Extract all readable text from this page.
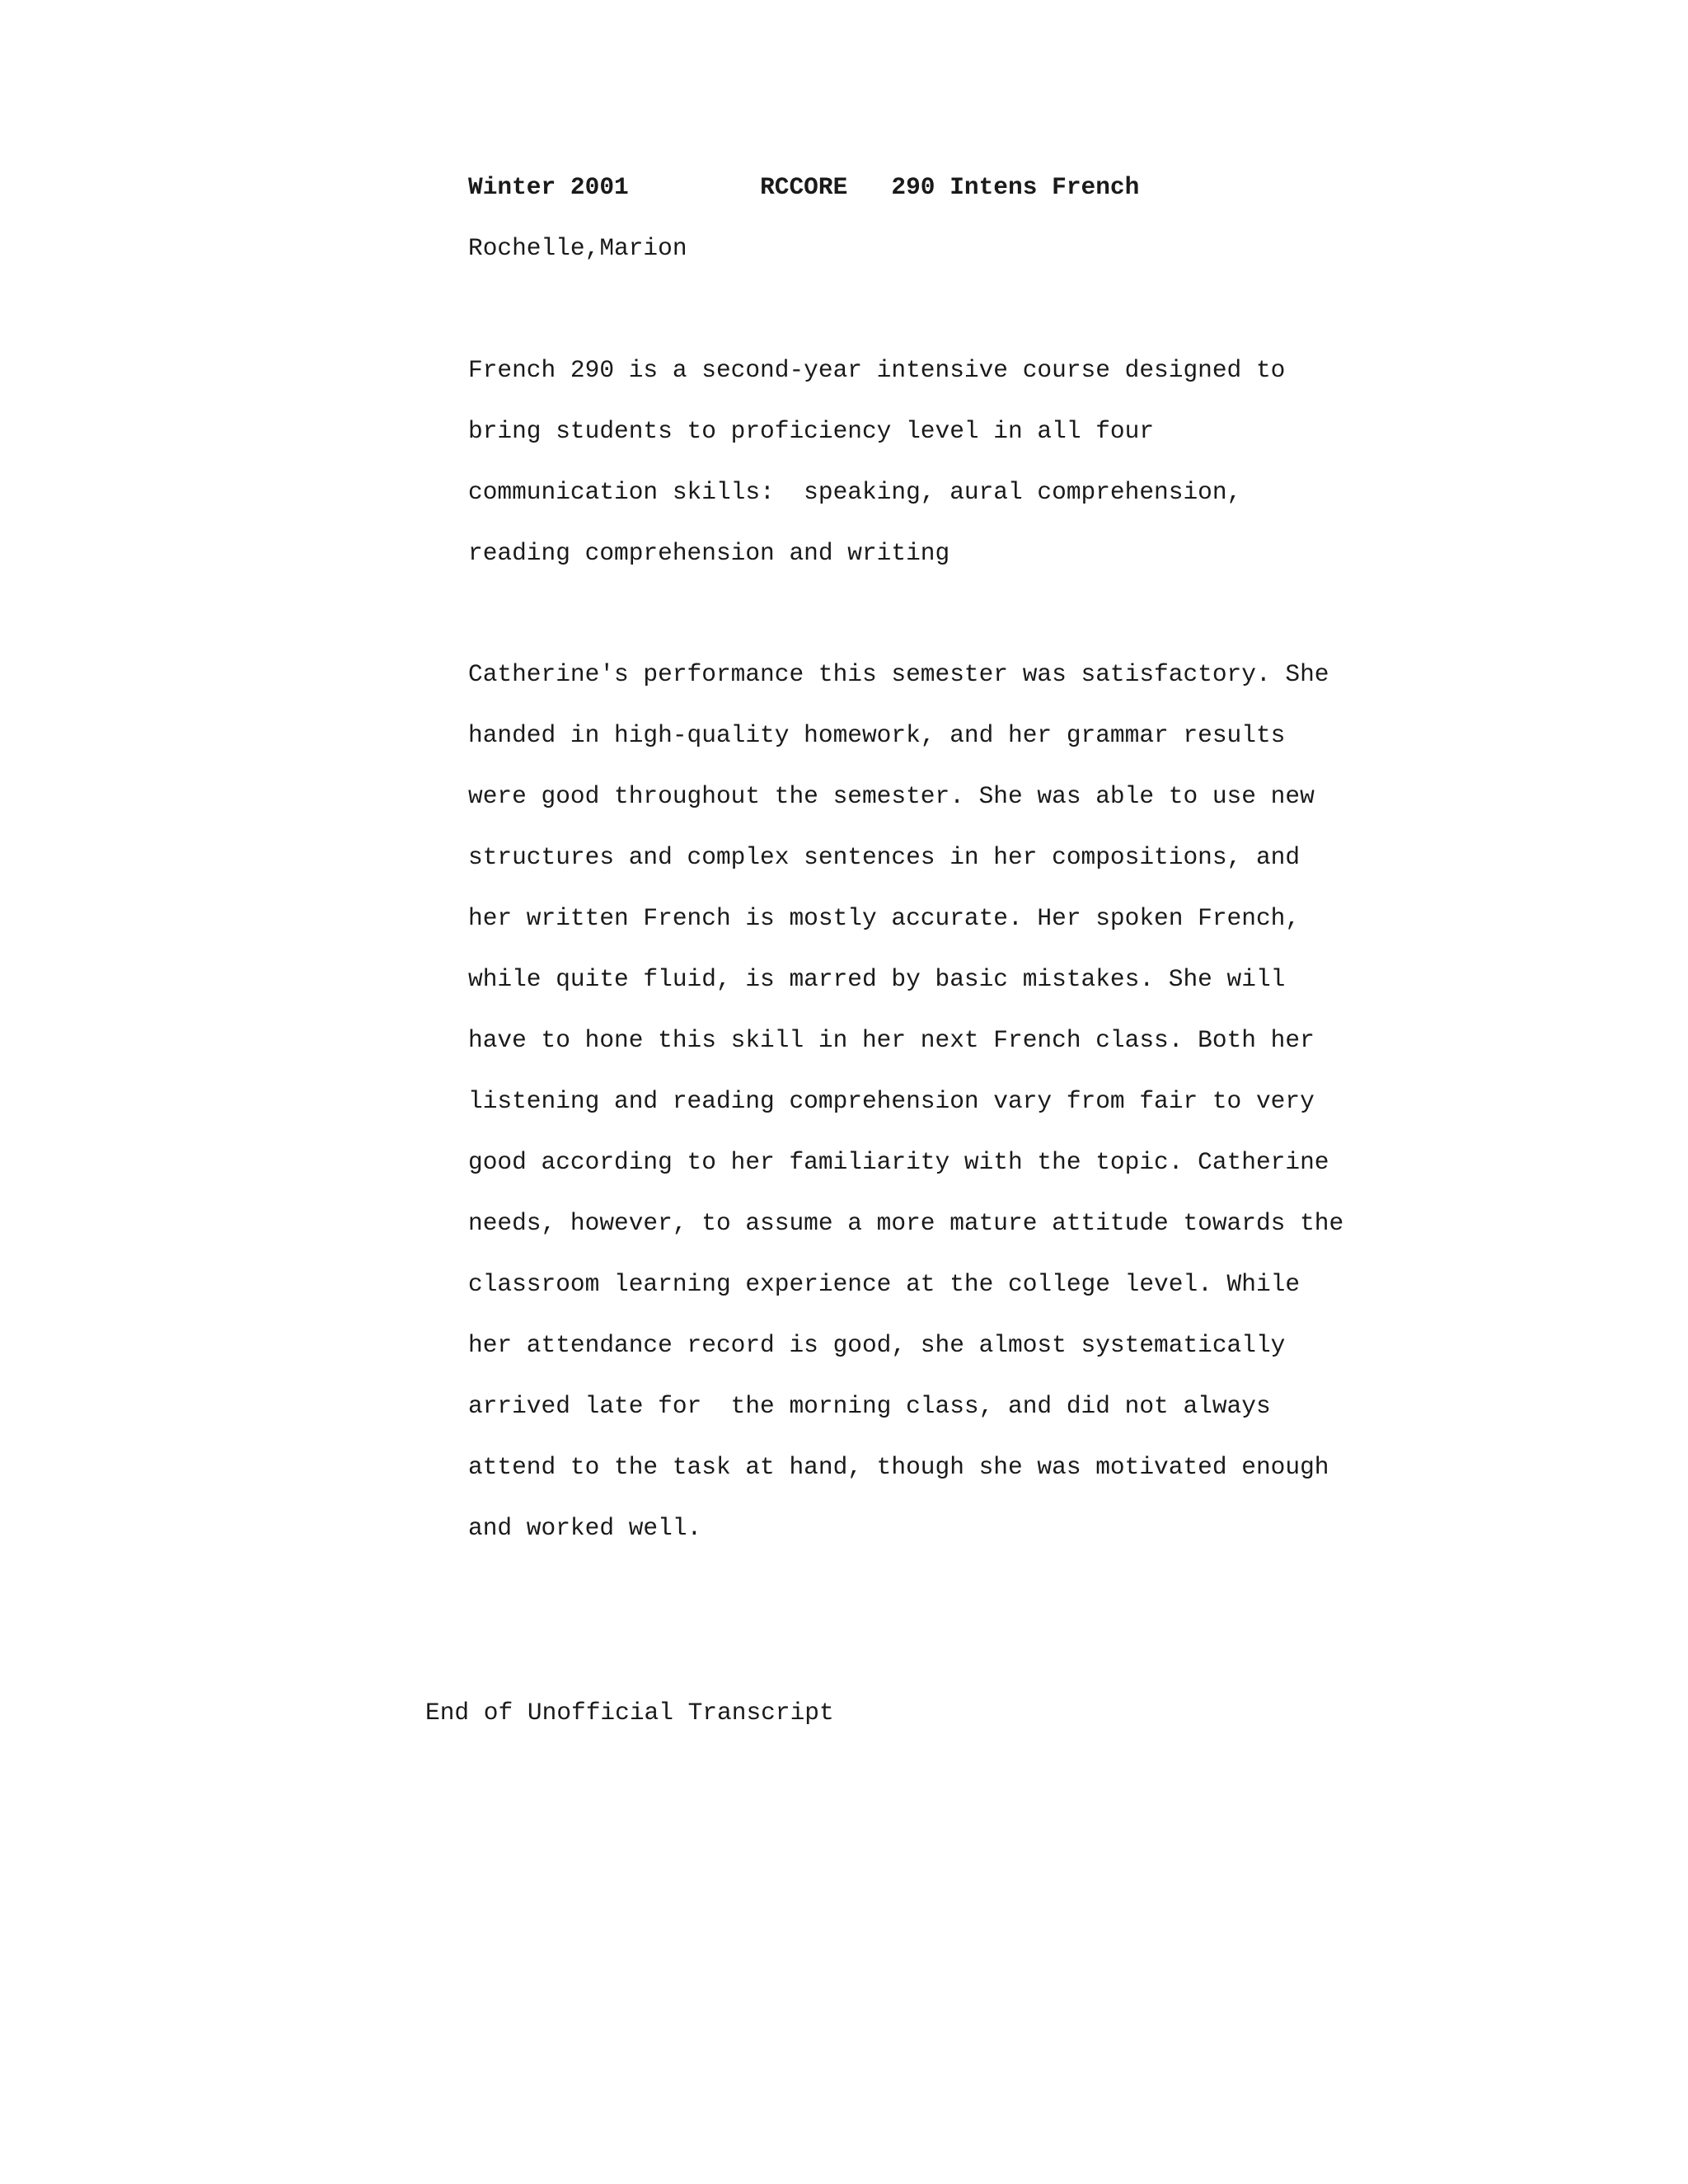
Winter 2001	RCCORE 290 Intens French
Rochelle,Marion
French 290 is a second-year intensive course designed to
bring students to proficiency level in all four
communication skills:  speaking, aural comprehension,
reading comprehension and writing
Catherine's performance this semester was satisfactory. She
handed in high-quality homework, and her grammar results
were good throughout the semester. She was able to use new
structures and complex sentences in her compositions, and
her written French is mostly accurate. Her spoken French,
while quite fluid, is marred by basic mistakes. She will
have to hone this skill in her next French class. Both her
listening and reading comprehension vary from fair to very
good according to her familiarity with the topic. Catherine
needs, however, to assume a more mature attitude towards the
classroom learning experience at the college level. While
her attendance record is good, she almost systematically
arrived late for  the morning class, and did not always
attend to the task at hand, though she was motivated enough
and worked well.
End of Unofficial Transcript
